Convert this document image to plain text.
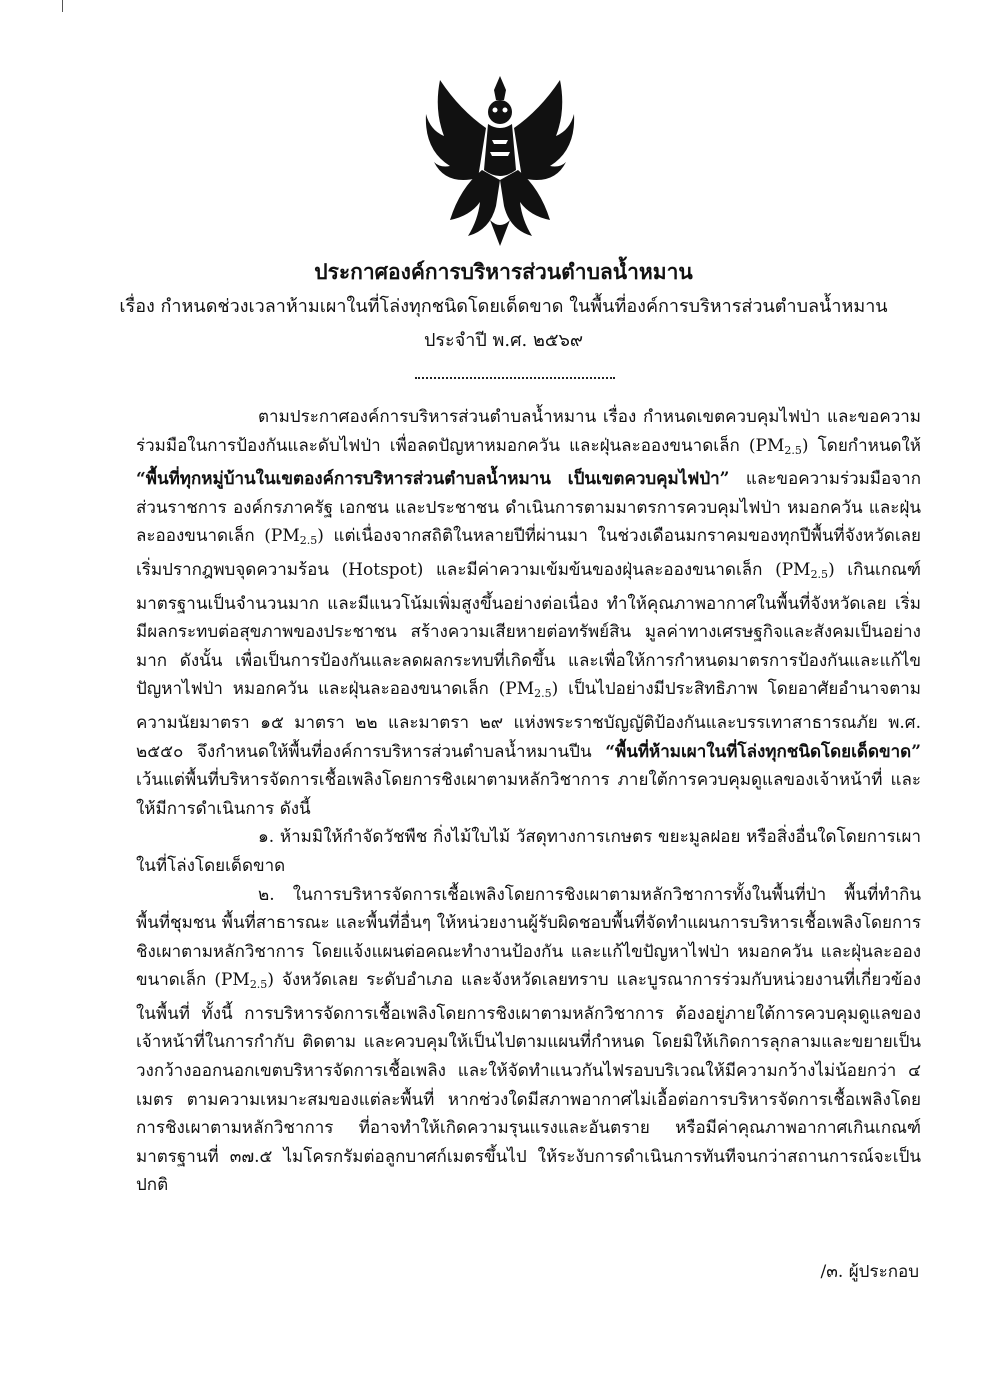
ประกาศองค์การบริหารส่วนตำบลน้ำหมาน
เรื่อง กำหนดช่วงเวลาห้ามเผาในที่โล่งทุกชนิดโดยเด็ดขาด ในพื้นที่องค์การบริหารส่วนตำบลน้ำหมาน
ประจำปี พ.ศ. ๒๕๖๙

ตามประกาศองค์การบริหารส่วนตำบลน้ำหมาน เรื่อง กำหนดเขตควบคุมไฟป่า และขอความร่วมมือในการป้องกันและดับไฟป่า เพื่อลดปัญหาหมอกควัน และฝุ่นละอองขนาดเล็ก $(PM_{2.5})$ โดยกำหนดให้ “พื้นที่ทุกหมู่บ้านในเขตองค์การบริหารส่วนตำบลน้ำหมาน เป็นเขตควบคุมไฟป่า” และขอความร่วมมือจากส่วนราชการ องค์กรภาครัฐ เอกชน และประชาชน ดำเนินการตามมาตรการควบคุมไฟป่า หมอกควัน และฝุ่นละอองขนาดเล็ก $(PM_{2.5})$ แต่เนื่องจากสถิติในหลายปีที่ผ่านมา ในช่วงเดือนมกราคมของทุกปีพื้นที่จังหวัดเลยเริ่มปรากฎพบจุดความร้อน (Hotspot) และมีค่าความเข้มข้นของฝุ่นละอองขนาดเล็ก $(PM_{2.5})$ เกินเกณฑ์มาตรฐานเป็นจำนวนมาก และมีแนวโน้มเพิ่มสูงขึ้นอย่างต่อเนื่อง ทำให้คุณภาพอากาศในพื้นที่จังหวัดเลย เริ่มมีผลกระทบต่อสุขภาพของประชาชน สร้างความเสียหายต่อทรัพย์สิน มูลค่าทางเศรษฐกิจและสังคมเป็นอย่างมาก ดังนั้น เพื่อเป็นการป้องกันและลดผลกระทบที่เกิดขึ้น และเพื่อให้การกำหนดมาตรการป้องกันและแก้ไขปัญหาไฟป่า หมอกควัน และฝุ่นละอองขนาดเล็ก $(PM_{2.5})$ เป็นไปอย่างมีประสิทธิภาพ โดยอาศัยอำนาจตามความนัยมาตรา ๑๕ มาตรา ๒๒ และมาตรา ๒๙ แห่งพระราชบัญญัติป้องกันและบรรเทาสาธารณภัย พ.ศ. ๒๕๕๐ จึงกำหนดให้พื้นที่องค์การบริหารส่วนตำบลน้ำหมานปีน “พื้นที่ห้ามเผาในที่โล่งทุกชนิดโดยเด็ดขาด” เว้นแต่พื้นที่บริหารจัดการเชื้อเพลิงโดยการชิงเผาตามหลักวิชาการ ภายใต้การควบคุมดูแลของเจ้าหน้าที่ และให้มีการดำเนินการ ดังนี้

๑. ห้ามมิให้กำจัดวัชพืช กิ่งไม้ใบไม้ วัสดุทางการเกษตร ขยะมูลฝอย หรือสิ่งอื่นใดโดยการเผาในที่โล่งโดยเด็ดขาด

๒. ในการบริหารจัดการเชื้อเพลิงโดยการชิงเผาตามหลักวิชาการทั้งในพื้นที่ป่า พื้นที่ทำกิน พื้นที่ชุมชน พื้นที่สาธารณะ และพื้นที่อื่นๆ ให้หน่วยงานผู้รับผิดชอบพื้นที่จัดทำแผนการบริหารเชื้อเพลิงโดยการชิงเผาตามหลักวิชาการ โดยแจ้งแผนต่อคณะทำงานป้องกัน และแก้ไขปัญหาไฟป่า หมอกควัน และฝุ่นละอองขนาดเล็ก $(PM_{2.5})$ จังหวัดเลย ระดับอำเภอ และจังหวัดเลยทราบ และบูรณาการร่วมกับหน่วยงานที่เกี่ยวข้องในพื้นที่ ทั้งนี้ การบริหารจัดการเชื้อเพลิงโดยการชิงเผาตามหลักวิชาการ ต้องอยู่ภายใต้การควบคุมดูแลของเจ้าหน้าที่ในการกำกับ ติดตาม และควบคุมให้เป็นไปตามแผนที่กำหนด โดยมิให้เกิดการลุกลามและขยายเป็นวงกว้างออกนอกเขตบริหารจัดการเชื้อเพลิง และให้จัดทำแนวกันไฟรอบบริเวณให้มีความกว้างไม่น้อยกว่า ๔ เมตร ตามความเหมาะสมของแต่ละพื้นที่ หากช่วงใดมีสภาพอากาศไม่เอื้อต่อการบริหารจัดการเชื้อเพลิงโดยการชิงเผาตามหลักวิชาการ ที่อาจทำให้เกิดความรุนแรงและอันตราย หรือมีค่าคุณภาพอากาศเกินเกณฑ์มาตรฐานที่ ๓๗.๕ ไมโครกรัมต่อลูกบาศก์เมตรขึ้นไป ให้ระงับการดำเนินการทันทีจนกว่าสถานการณ์จะเป็นปกติ

/๓. ผู้ประกอบ
